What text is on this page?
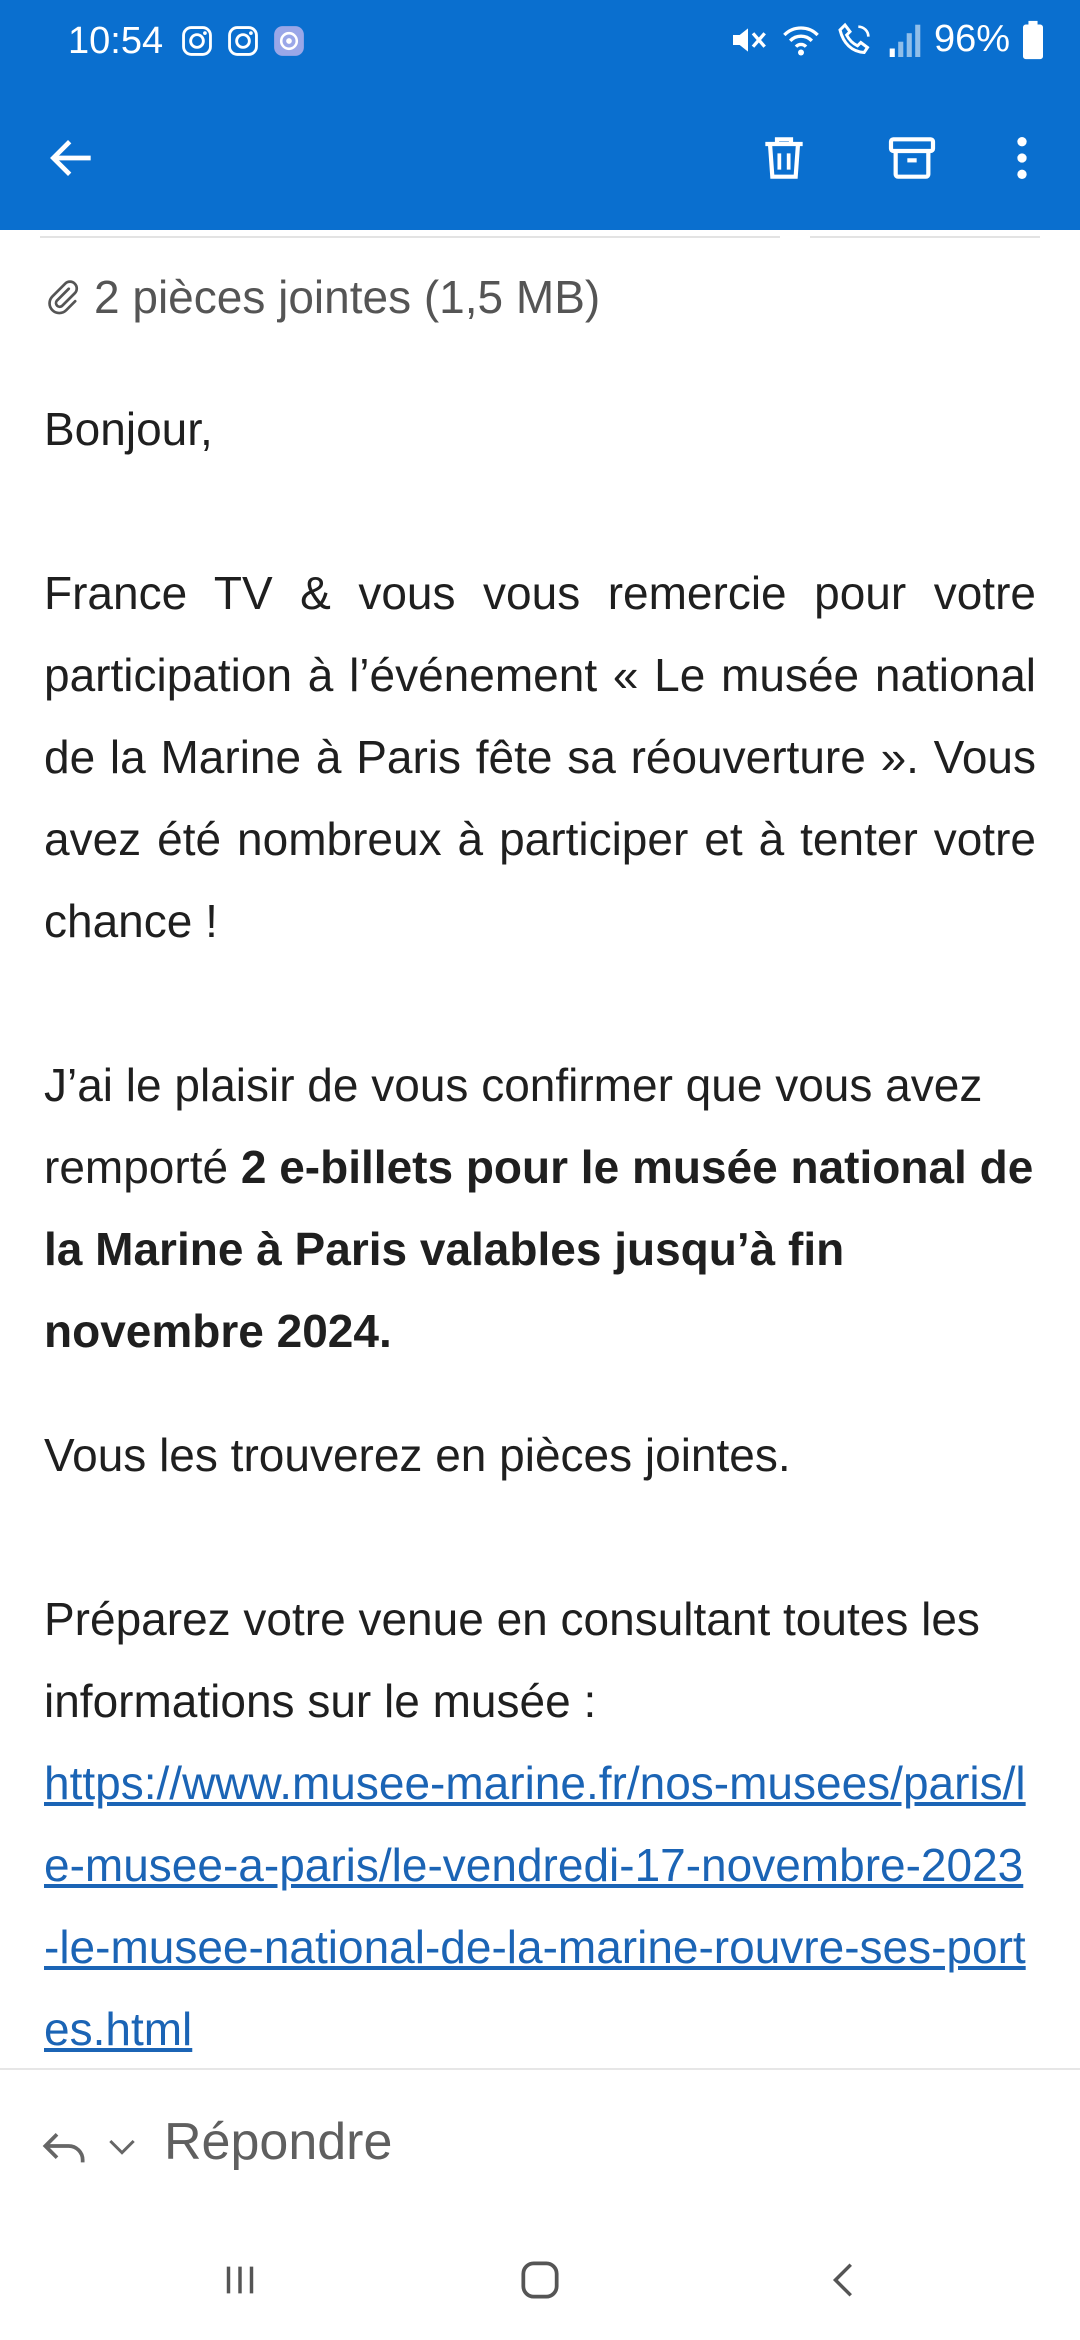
10:54	96%
2 pièces jointes (1,5 MB)

Bonjour,

France TV & vous vous remercie pour votre participation à l’événement « Le musée national de la Marine à Paris fête sa réouverture ». Vous avez été nombreux à participer et à tenter votre chance !

J’ai le plaisir de vous confirmer que vous avez remporté 2 e-billets pour le musée national de la Marine à Paris valables jusqu’à fin novembre 2024.

Vous les trouverez en pièces jointes.

Préparez votre venue en consultant toutes les informations sur le musée :

https://www.musee-marine.fr/nos-musees/paris/le-musee-a-paris/le-vendredi-17-novembre-2023-le-musee-national-de-la-marine-rouvre-ses-portes.html

Répondre
